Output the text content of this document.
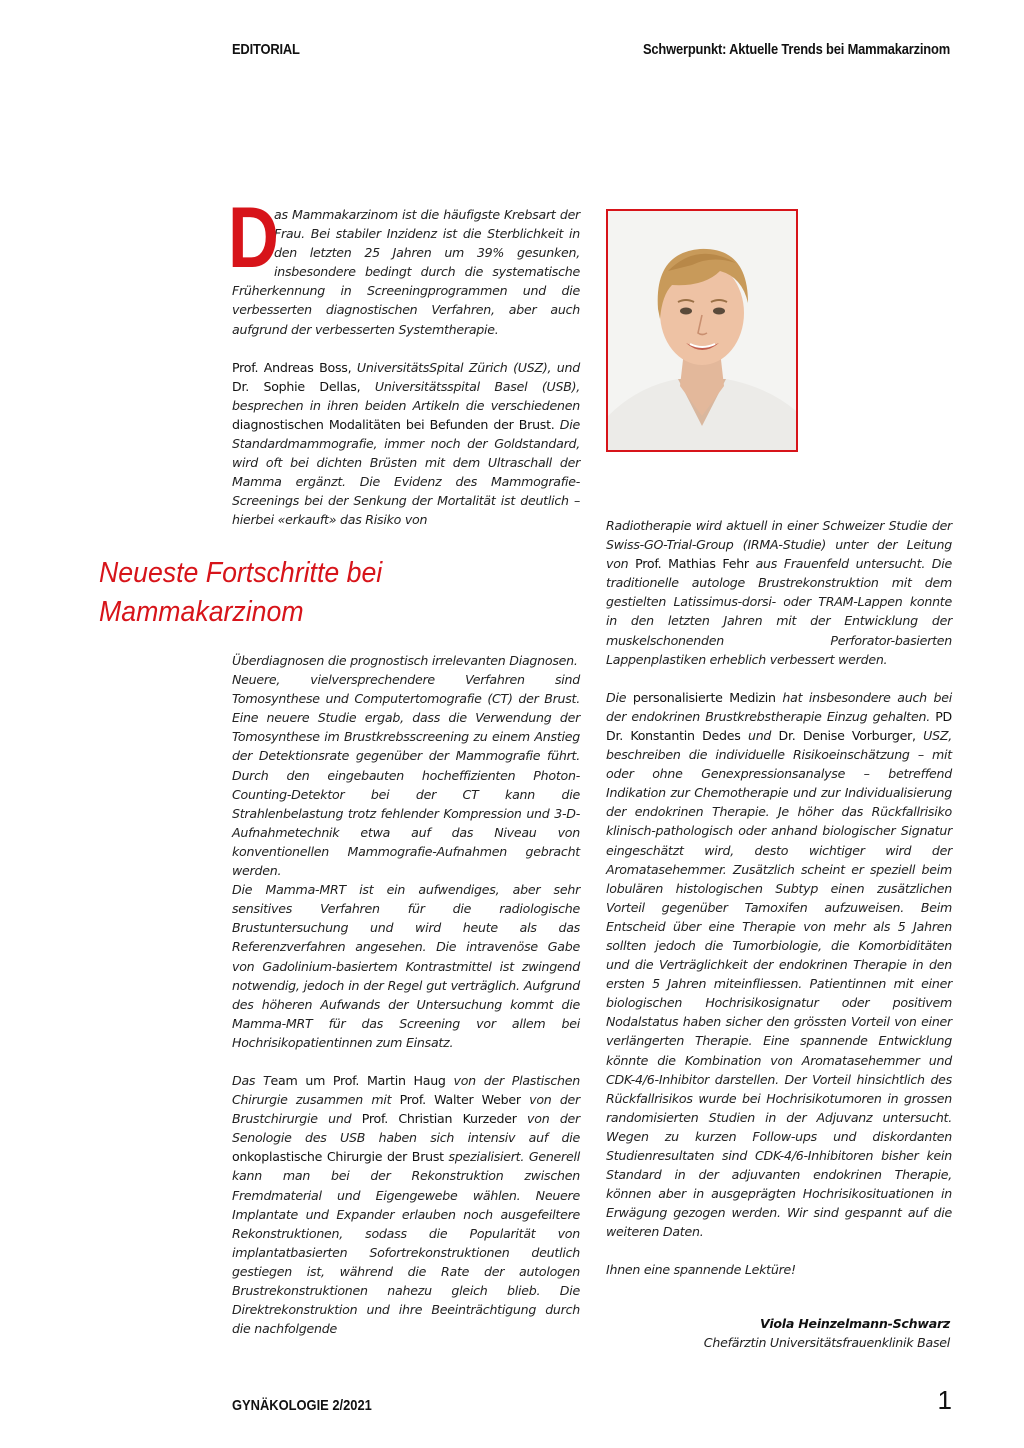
EDITORIAL	Schwerpunkt: Aktuelle Trends bei Mammakarzinom

D
as Mammakarzinom ist die häufigste Krebsart der Frau. Bei stabiler Inzidenz ist die Sterblichkeit in den letzten 25 Jahren um 39% gesunken, insbesondere bedingt durch die systematische Früherkennung in Screeningprogrammen und die verbesserten diagnostischen Verfahren, aber auch aufgrund der verbesserten Systemtherapie.

Prof. Andreas Boss, UniversitätsSpital Zürich (USZ), und Dr. Sophie Dellas, Universitätsspital Basel (USB), besprechen in ihren beiden Artikeln die verschiedenen diagnostischen Modalitäten bei Befunden der Brust. Die Standardmammografie, immer noch der Goldstandard, wird oft bei dichten Brüsten mit dem Ultraschall der Mamma ergänzt. Die Evidenz des Mammografie-Screenings bei der Senkung der Mortalität ist deutlich – hierbei «erkauft» das Risiko von

Neueste Fortschritte bei
Mammakarzinom

Überdiagnosen die prognostisch irrelevanten Diagnosen.

Neuere, vielversprechendere Verfahren sind Tomosynthese und Computertomografie (CT) der Brust. Eine neuere Studie ergab, dass die Verwendung der Tomosynthese im Brustkrebsscreening zu einem Anstieg der Detektionsrate gegenüber der Mammografie führt. Durch den eingebauten hocheffizienten Photon-Counting-Detektor bei der CT kann die Strahlenbelastung trotz fehlender Kompression und 3-D-Aufnahmetechnik etwa auf das Niveau von konventionellen Mammografie-Aufnahmen gebracht werden.

Die Mamma-MRT ist ein aufwendiges, aber sehr sensitives Verfahren für die radiologische Brustuntersuchung und wird heute als das Referenzverfahren angesehen. Die intravenöse Gabe von Gadolinium-basiertem Kontrastmittel ist zwingend notwendig, jedoch in der Regel gut verträglich. Aufgrund des höheren Aufwands der Untersuchung kommt die Mamma-MRT für das Screening vor allem bei Hochrisikopatientinnen zum Einsatz.

Das Team um Prof. Martin Haug von der Plastischen Chirurgie zusammen mit Prof. Walter Weber von der Brustchirurgie und Prof. Christian Kurzeder von der Senologie des USB haben sich intensiv auf die onkoplastische Chirurgie der Brust spezialisiert. Generell kann man bei der Rekonstruktion zwischen Fremdmaterial und Eigengewebe wählen. Neuere Implantate und Expander erlauben noch ausgefeiltere Rekonstruktionen, sodass die Popularität von implantatbasierten Sofortrekonstruktionen deutlich gestiegen ist, während die Rate der autologen Brustrekonstruktionen nahezu gleich blieb. Die Direktrekonstruktion und ihre Beeinträchtigung durch die nachfolgende

Radiotherapie wird aktuell in einer Schweizer Studie der Swiss-GO-Trial-Group (IRMA-Studie) unter der Leitung von Prof. Mathias Fehr aus Frauenfeld untersucht. Die traditionelle autologe Brustrekonstruktion mit dem gestielten Latissimus-dorsi- oder TRAM-Lappen konnte in den letzten Jahren mit der Entwicklung der muskelschonenden Perforator-basierten Lappenplastiken erheblich verbessert werden.

Die personalisierte Medizin hat insbesondere auch bei der endokrinen Brustkrebstherapie Einzug gehalten. PD Dr. Konstantin Dedes und Dr. Denise Vorburger, USZ, beschreiben die individuelle Risikoeinschätzung – mit oder ohne Genexpressionsanalyse – betreffend Indikation zur Chemotherapie und zur Individualisierung der endokrinen Therapie. Je höher das Rückfallrisiko klinisch-pathologisch oder anhand biologischer Signatur eingeschätzt wird, desto wichtiger wird der Aromatasehemmer. Zusätzlich scheint er speziell beim lobulären histologischen Subtyp einen zusätzlichen Vorteil gegenüber Tamoxifen aufzuweisen. Beim Entscheid über eine Therapie von mehr als 5 Jahren sollten jedoch die Tumorbiologie, die Komorbiditäten und die Verträglichkeit der endokrinen Therapie in den ersten 5 Jahren miteinfliessen. Patientinnen mit einer biologischen Hochrisikosignatur oder positivem Nodalstatus haben sicher den grössten Vorteil von einer verlängerten Therapie. Eine spannende Entwicklung könnte die Kombination von Aromatasehemmer und CDK-4/6-Inhibitor darstellen. Der Vorteil hinsichtlich des Rückfallrisikos wurde bei Hochrisikotumoren in grossen randomisierten Studien in der Adjuvanz untersucht. Wegen zu kurzen Follow-ups und diskordanten Studienresultaten sind CDK-4/6-Inhibitoren bisher kein Standard in der adjuvanten endokrinen Therapie, können aber in ausgeprägten Hochrisikosituationen in Erwägung gezogen werden. Wir sind gespannt auf die weiteren Daten.

Ihnen eine spannende Lektüre!

Viola Heinzelmann-Schwarz
Chefärztin Universitätsfrauenklinik Basel
GYNÄKOLOGIE 2/2021	1
